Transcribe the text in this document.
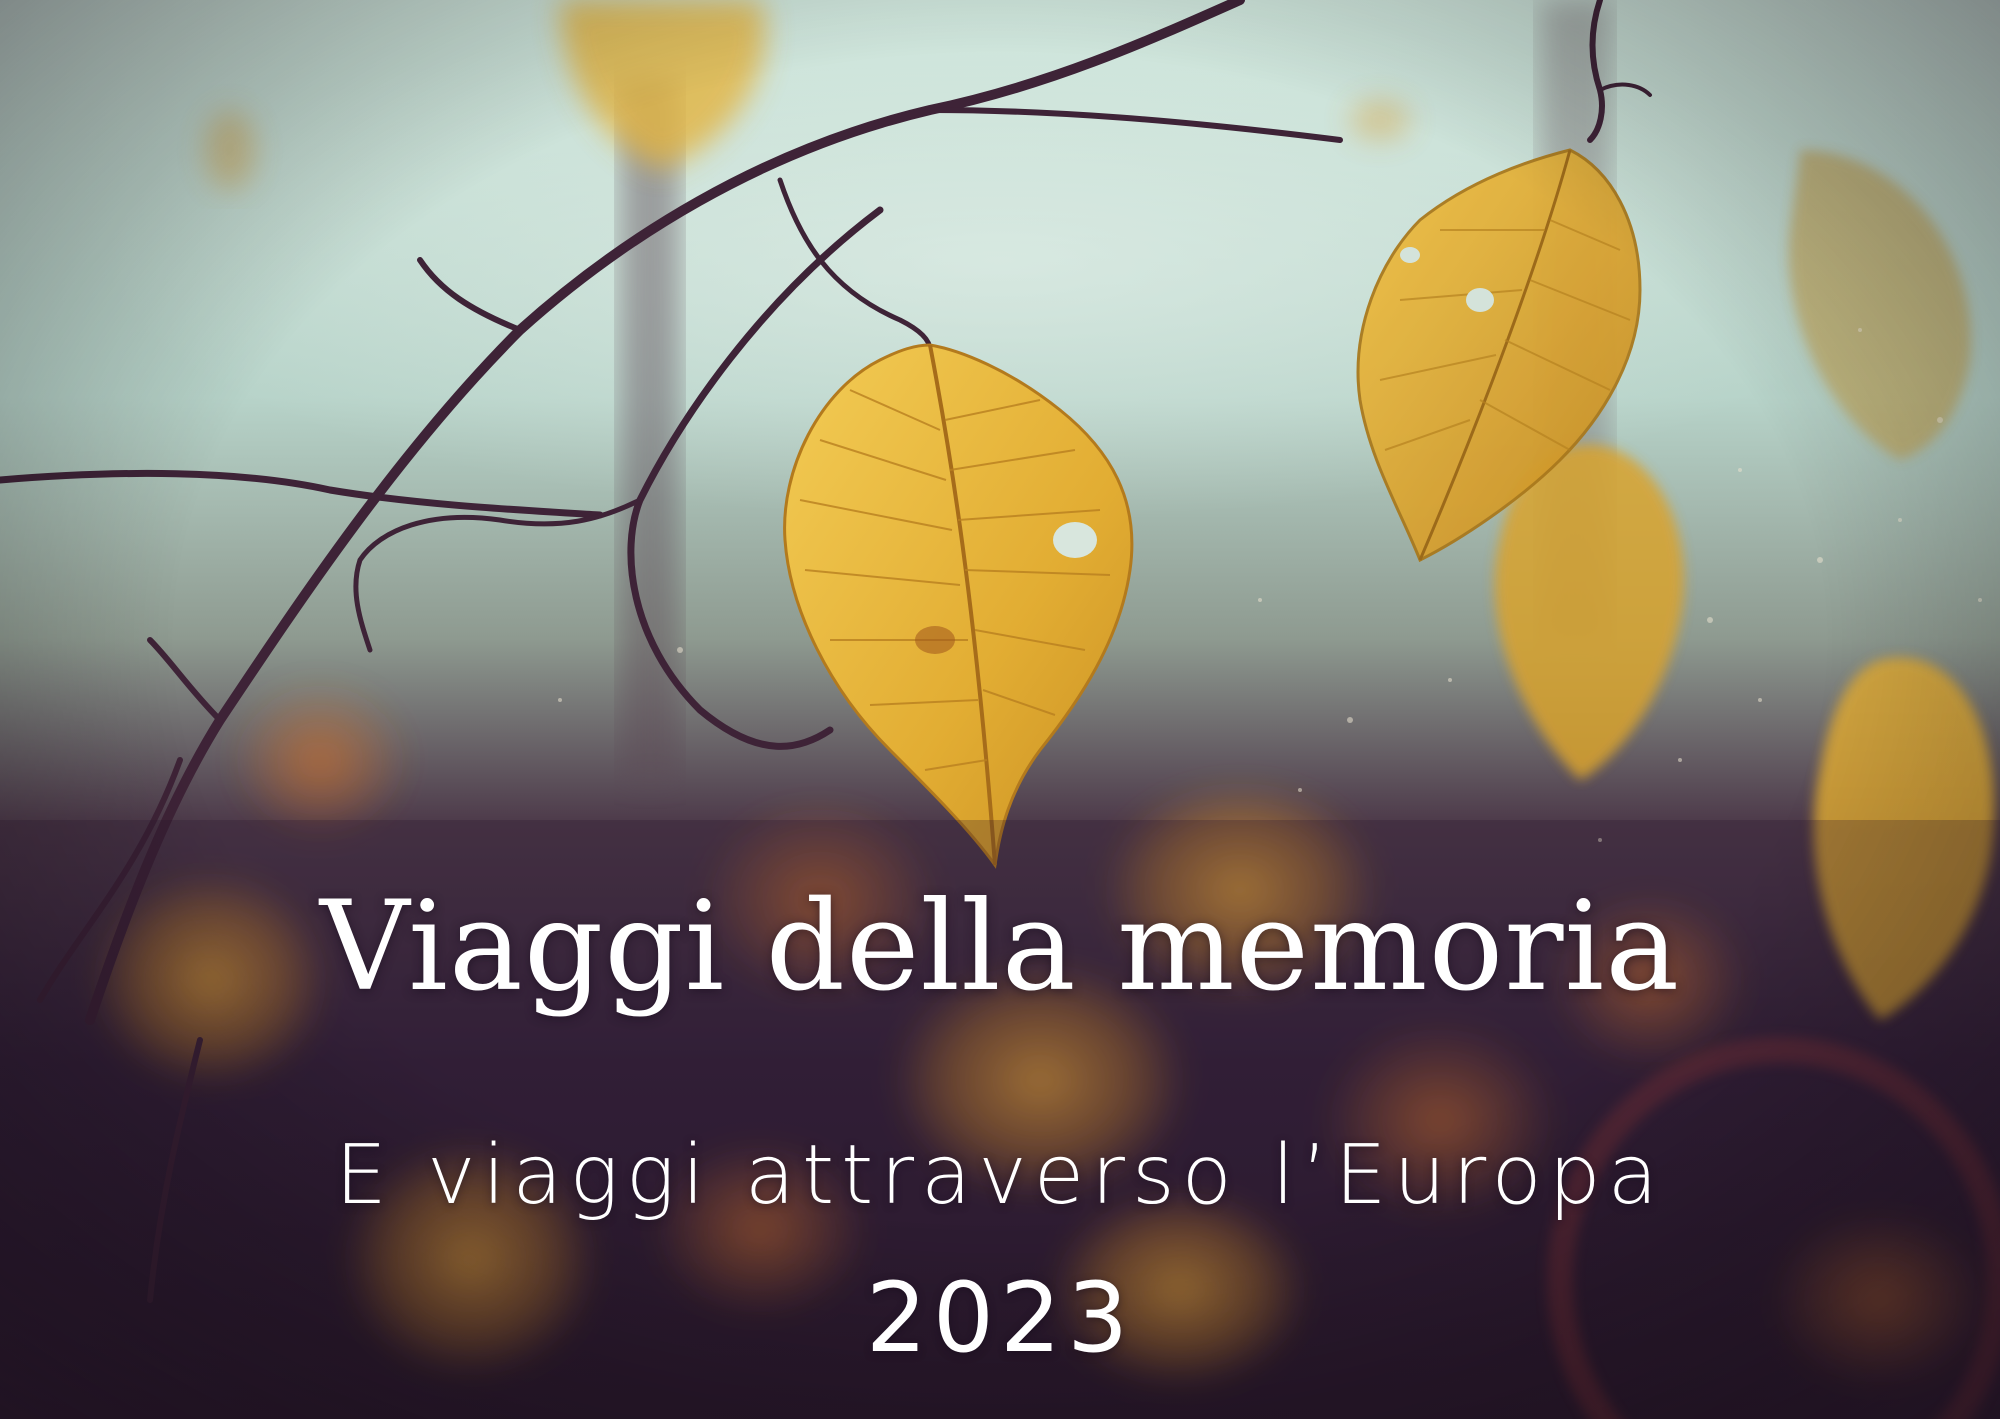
Viaggi della memoria
E viaggi attraverso l’Europa
2023
